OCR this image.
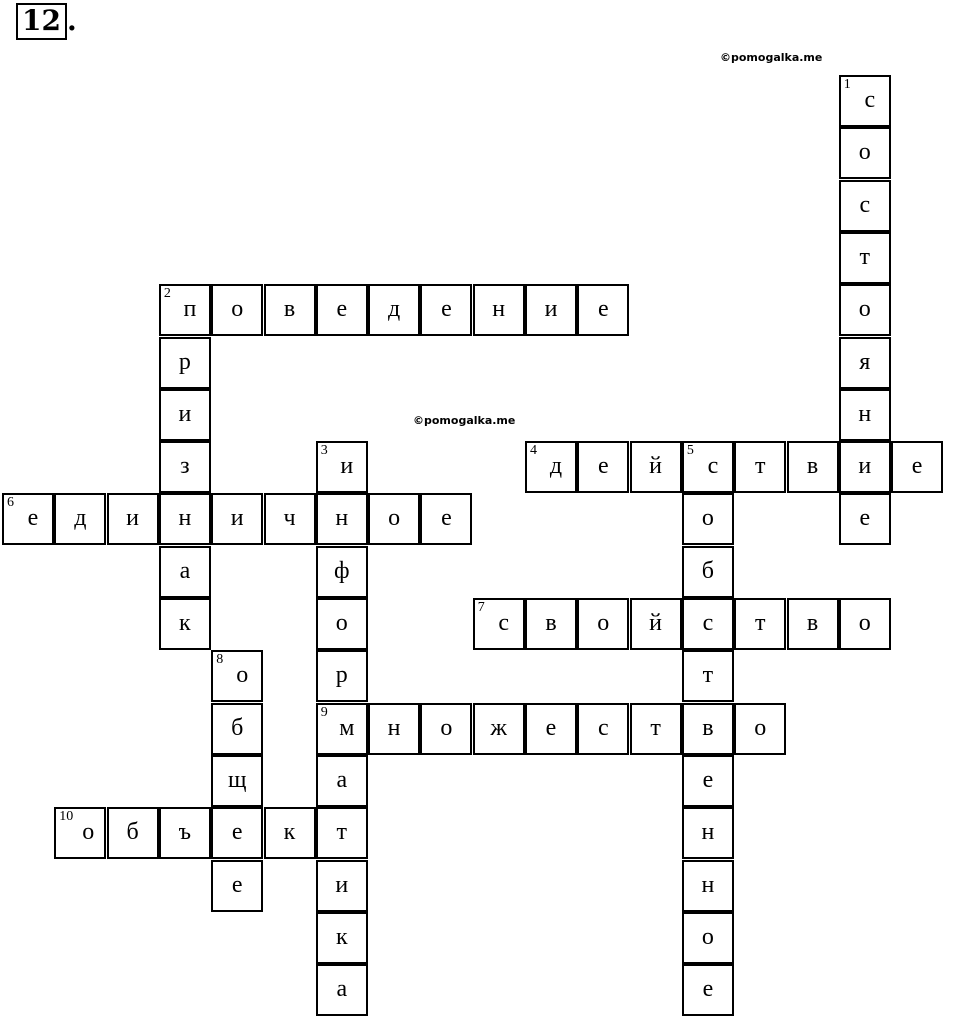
12 .
©pomogalka.me
©pomogalka.me
1
с
о
с
т
о
я
н
и
е
2
п о в е д е н и е
р
и
з
н
а
к
3
и
н
ф
о
р
9
м
а
т
и
к
а
4
д е й
5
с т в	е
о
б
с
т
в
е
н
н
о
е
6
е д и	и ч	о е
7
с в о й	т в о
8
о
б
щ
е
е
н о ж е с т	о
10
о б ъ	к
